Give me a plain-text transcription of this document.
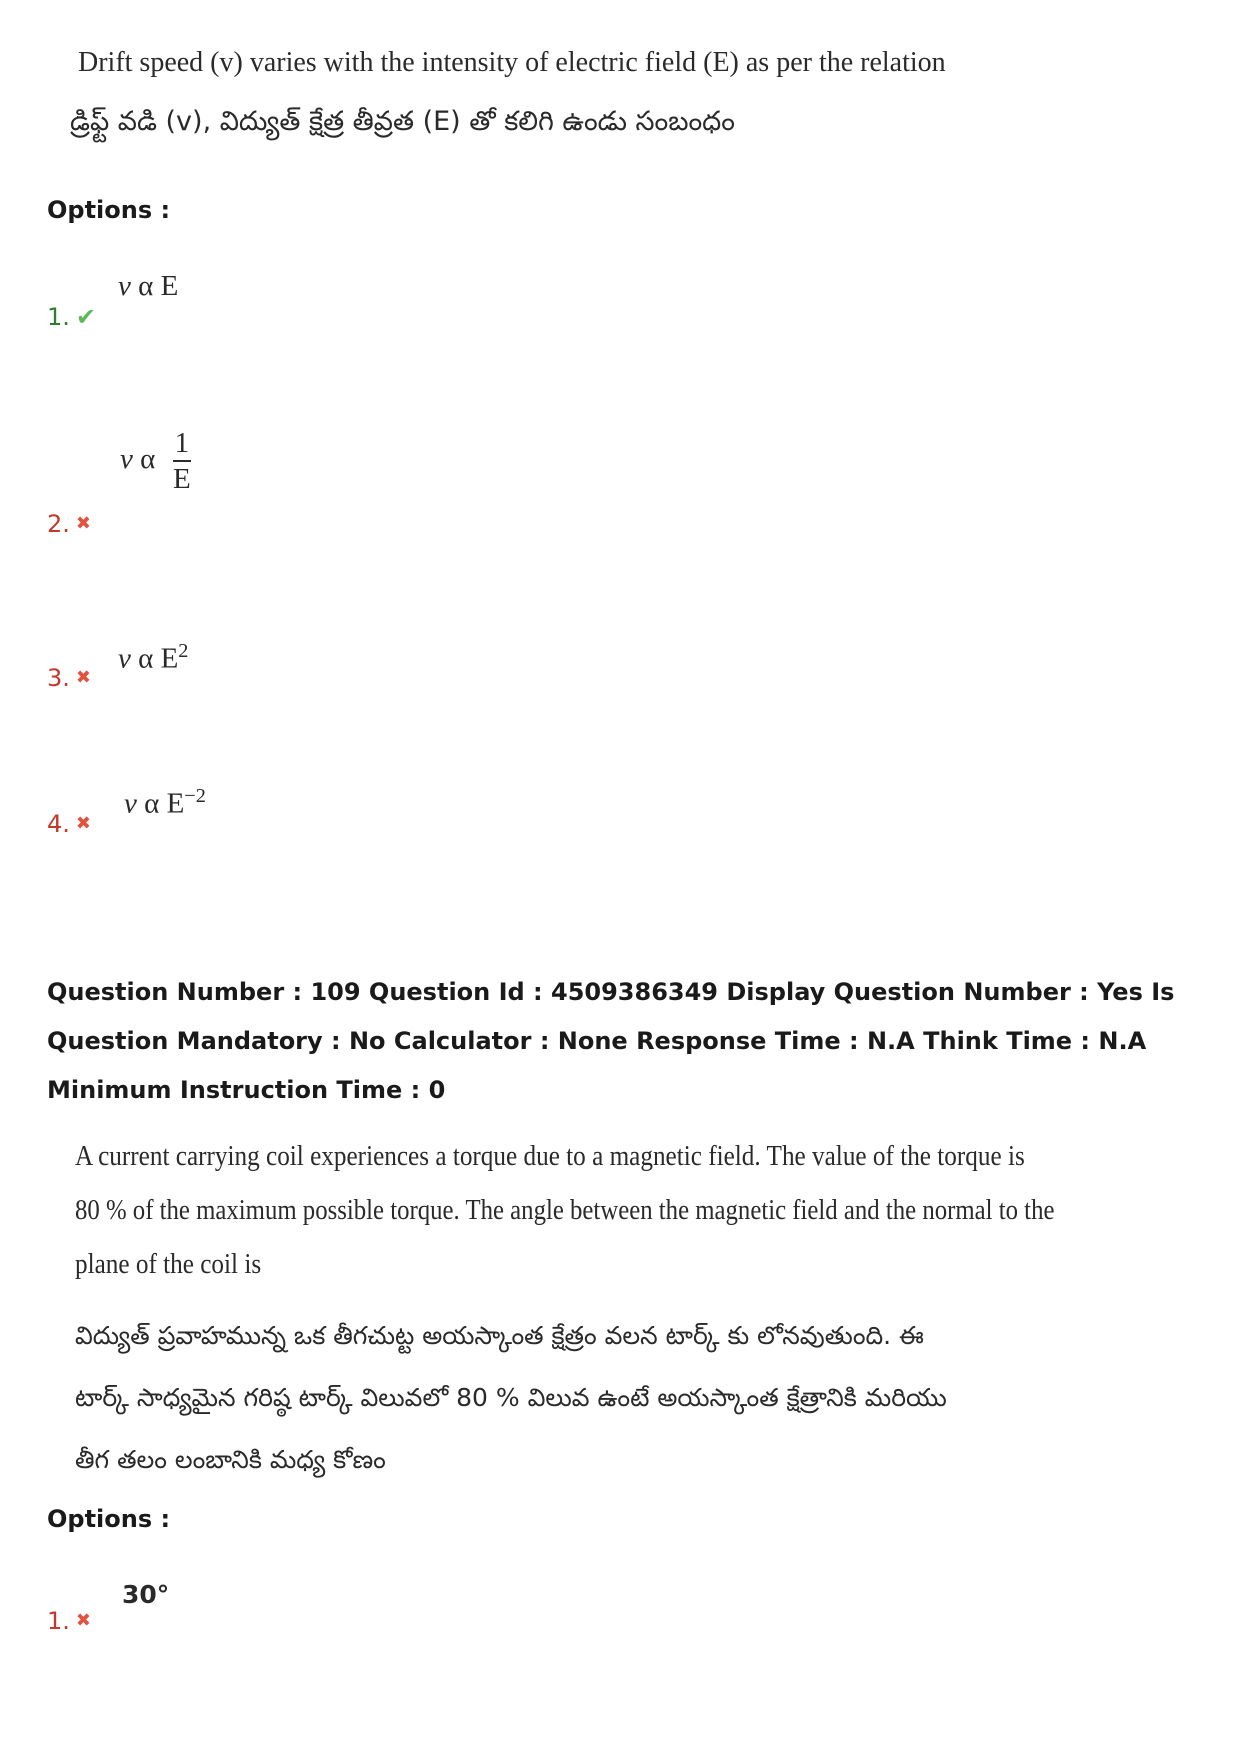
Drift speed (v) varies with the intensity of electric field (E) as per the relation
డ్రిఫ్ట్ వడి (v), విద్యుత్ క్షేత్ర తీవ్రత (E) తో కలిగి ఉండు సంబంధం
Options :
v α E
1. ✔
v α $\frac{1}{E}$
2. ✖
v α $E^2$
3. ✖
v α $E^{-2}$
4. ✖
Question Number : 109 Question Id : 4509386349 Display Question Number : Yes Is Question Mandatory : No Calculator : None Response Time : N.A Think Time : N.A Minimum Instruction Time : 0
A current carrying coil experiences a torque due to a magnetic field. The value of the torque is
80 % of the maximum possible torque. The angle between the magnetic field and the normal to the
plane of the coil is
విద్యుత్ ప్రవాహమున్న ఒక తీగచుట్ట అయస్కాంత క్షేత్రం వలన టార్క్ కు లోనవుతుంది. ఈ
టార్క్ సాధ్యమైన గరిష్ఠ టార్క్ విలువలో 80 % విలువ ఉంటే అయస్కాంత క్షేత్రానికి మరియు
తీగ తలం లంబానికి మధ్య కోణం
Options :
30°
1. ✖
